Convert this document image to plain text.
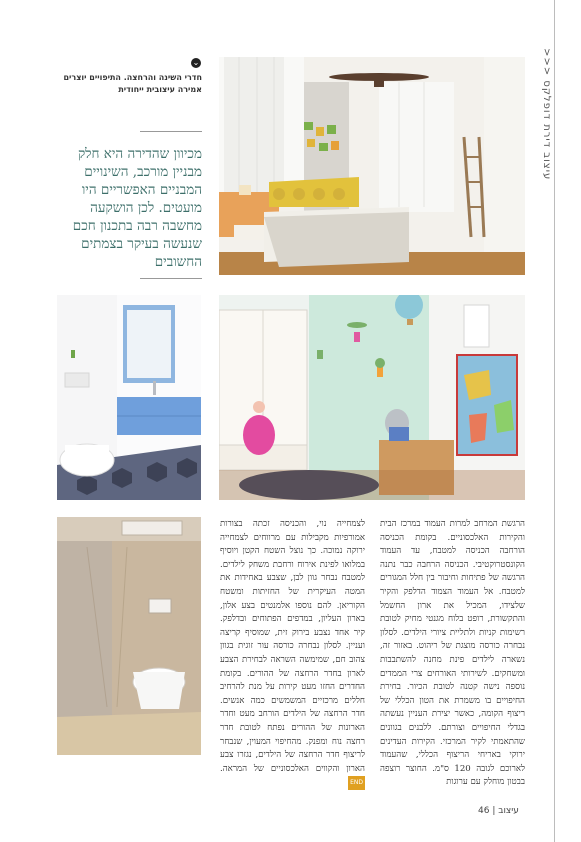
>>> עיצוב דירת דופלקס
⌄
חדרי השינה והרחצה. התיפויים יוצרים אמירה עיצובית ייחודית
מכיוון שהדירה היא חלק מבניין מורכב, השינויים המבניים האפשריים היו מועטים. לכן הושקעה מחשבה רבה בתכנון חכם שנעשה בעיקר בצמתים החשובים

הרגשת המרחב למרות העמוד במרכז הבית והקירות האלכסוניים. בקומת הכניסה הורחבה הכניסה למטבח, עד העמוד הקונסטרוקטיבי. הכניסה הרחבה כבר נתנה הרגשה של פתיחות וחיבור בין חלל המגורים למטבח. אל העמוד הצמוד הדלפק והקיר שלצידו, המכיל את ארון החשמל והתקשורת, רופט בלוח מגנטי מחיק לטובת רשימות קניות ולתליית ציורי הילדים. לסלון נבחרה כורסה מוצגת של ריהוט. באזור זה, נשארה לילדים פינת מחנה להשתבבות ומשחקים. לשירותי האורחים צרי הממדים נוספה נישה קטנה לטובת הכיור. בחירת החיפויים בו משמרת את הטון הכללי של ריצוף הקומה, כאשר יצירת העניין נעשתה בגדלי החיפויים וצורתם. ללבנים בגוונים שהתאמתי לקיר המרכזי. הקירות העדינים ירוקי באריחי הריצוף הכללי, שהעמוד לארוכם לגובה 120 ס"מ. החוצר רוצפה בבטון מוחלק עם ערוגות

לצמחייה נוי, והכניסה זכתה בצורות אמורפיות מקבילות עם מרווחים לצמחייה ירוקה נמוכה. כך נוצל השטח הקטן ויוסיף במלואו לפינת אירוח ורחבת משחק לילדים. למטבח נבחר גוון לבן, שצבע באחידות את המטה העיקרית של החזיתות ומשטח הקוריאן. להם נוספו אלמנטים בצע אלון, בארון העליון, במדפים הפתוחים ובדלפק. קיר אחד נצבע בירוק זית, שמוסיף קריצה ועניין. לסלון נבחרה כורסה עור זוגית בגוון צהוב חם, שמימשה השראה לבחירת הצבע לארון בחדר הרחצה של ההורים. בקומת החדרים החזו מעט קירות על מנת להרחיב חללים מרכזיים המשמשים כמה אנשים. חדר הרחצה של הילדים הורחב מעט וחדר הארונות של ההורים נפתח לטובת חדר רחצה נוח ומפנק. מהחיפוי המעוין, שנבחר לריצוף חדר הרחצה של הילדים, נגזרו צבע הארון והקווים האלכסוניים של המראה. END

עיצוב | 46
